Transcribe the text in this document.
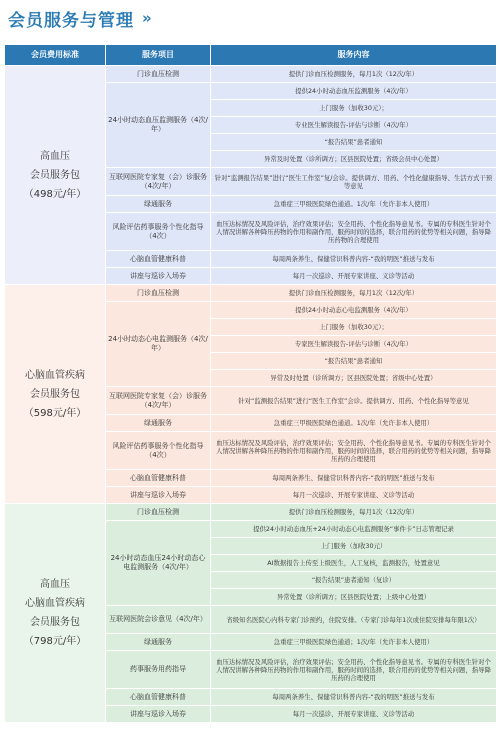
会员服务与管理 »
会员费用标准	服务项目	服务内容

高血压
会员服务包
（498元/年）	门诊血压检测	提供门诊血压检测服务，每月1次（12次/年）
	24小时动态血压监测服务（4次/年）	提供24小时动态血压监测服务（4次/年）
		上门服务（加收30元）；
		专业医生解读报告-评估与诊断（4次/年）
		“报告结果”患者通知
		异常及时处置（诊所调方；区县医院处置；省级会员中心处置）
	互联网医院专家复（会）诊服务（4次/年）	针对“监测报告结果”进行“医生工作室”复/会诊。提供调方、用药、个性化健康指导、生活方式干预等意见
	绿通服务	急重症三甲级医院绿色通道。1次/年（允许非本人使用）
	风险评估药事服务个性化指导（4次）	血压达标情况及风险评估，治疗效果评估；安全用药、个性化指导意见书。专属的专科医生针对个人情况讲解各种降压药物的作用和副作用，服药时间的选择，联合用药的优势等相关问题，指导降压药物的合理使用
	心脑血管健康科普	每周两条养生、保健常识科普内容-“我的明医”推送与发布
	讲座与巡诊入场券	每月一次巡诊、开展专家讲座、义诊等活动

心脑血管疾病
会员服务包
（598元/年）	门诊血压检测	提供门诊血压检测服务，每月1次（12次/年）
	24小时动态心电监测服务（4次/年）	提供24小时动态心电监测服务（4次/年）
		上门服务（加收30元）；
		专家医生解读报告-评估与诊断（4次/年）
		“报告结果”患者通知
		异常及时处置（诊所调方；区县医院处置；省级中心处置）
	互联网医院专家复（会）诊服务（4次/年）	针对“监测报告结果”进行“医生工作室”会诊。提供调方、用药、个性化指导等意见
	绿通服务	急重症三甲级医院绿色通道。1次/年（允许非本人使用）
	风险评估药事服务个性化指导（4次）	血压达标情况及风险评估，治疗效果评估；安全用药、个性化指导意见书。专属的专科医生针对个人情况讲解各种降压药物的作用和副作用，服药时间的选择，联合用药的优势等相关问题，指导降压药的合理使用
	心脑血管健康科普	每周两条养生、保健常识科普内容-“我的明医”推送与发布
	讲座与巡诊入场券	每月一次巡诊、开展专家讲座、义诊等活动

高血压
心脑血管疾病
会员服务包
（798元/年）	门诊血压检测	提供门诊血压检测服务，每月1次（12次/年）
	24小时动态血压24小时动态心电监测服务（4次/年）	提供24小时动态血压+24小时动态心电监测服务“事件卡”日志管理记录
		上门服务（加收30元）
		AI数据报告上传至上级医生，人工复核，监测报告，处置意见
		“报告结果”患者通知（复诊）
		异常处置（诊所调方；区县医院处置；上级中心处置）
	互联网医院会诊意见（4次/年）	省级知名医院心内科专家门诊预约，住院安排。（专家门诊每年1次或住院安排每年限1次）
	绿通服务	急重症三甲级医院绿色通道；1次/年（允许非本人使用）
	药事服务用药指导	血压达标情况及风险评估，治疗效果评估；安全用药、个性化指导意见书。专属的专科医生针对个人情况讲解各种降压药物的作用和副作用，服药时间的选择，联合用药的优势等相关问题，指导降压药的合理使用
	心脑血管健康科普	每周两条养生、保健常识科普内容-“我的明医”推送与发布
	讲座与巡诊入场券	每月一次巡诊、开展专家讲座、义诊等活动
